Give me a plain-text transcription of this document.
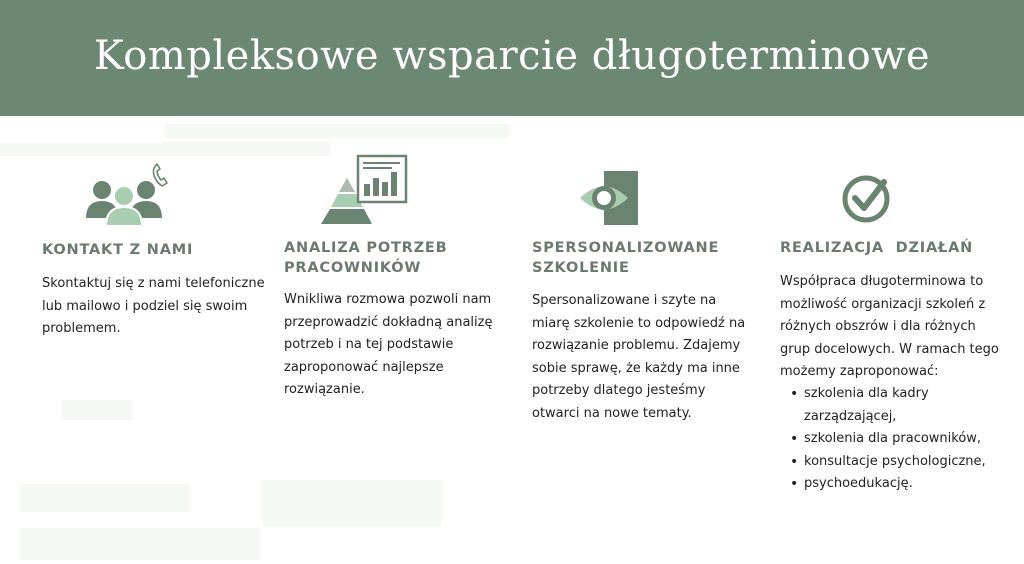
Kompleksowe wsparcie długoterminowe
KONTAKT Z NAMI
Skontaktuj się z nami telefoniczne lub mailowo i podziel się swoim problemem.
ANALIZA POTRZEB PRACOWNIKÓW
Wnikliwa rozmowa pozwoli nam przeprowadzić dokładną analizę potrzeb i na tej podstawie zaproponować najlepsze rozwiązanie.
SPERSONALIZOWANE SZKOLENIE
Spersonalizowane i szyte na miarę szkolenie to odpowiedź na rozwiązanie problemu. Zdajemy sobie sprawę, że każdy ma inne potrzeby dlatego jesteśmy otwarci na nowe tematy.
REALIZACJA  DZIAŁAŃ
Współpraca długoterminowa to możliwość organizacji szkoleń z różnych obszrów i dla różnych grup docelowych. W ramach tego możemy zaproponować:
• szkolenia dla kadry zarządzającej,
• szkolenia dla pracowników,
• konsultacje psychologiczne,
• psychoedukację.
